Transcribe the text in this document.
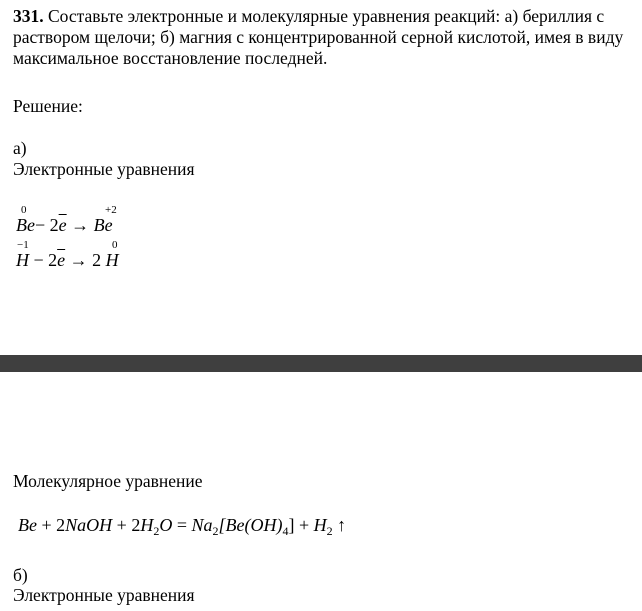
331. Составьте электронные и молекулярные уравнения реакций: а) бериллия с раствором щелочи; б) магния с концентрированной серной кислотой, имея в виду максимальное восстановление последней.
Решение:
а)
Электронные уравнения
0	+2
$Be- 2\overline{e} \to Be$
−1	0
$H - 2\overline{e} \to 2$ H
Молекулярное уравнение
Be + 2NaOH + $2H_2O = Na_2[Be(OH)_4] + H_2$ ↑
б)
Электронные уравнения
